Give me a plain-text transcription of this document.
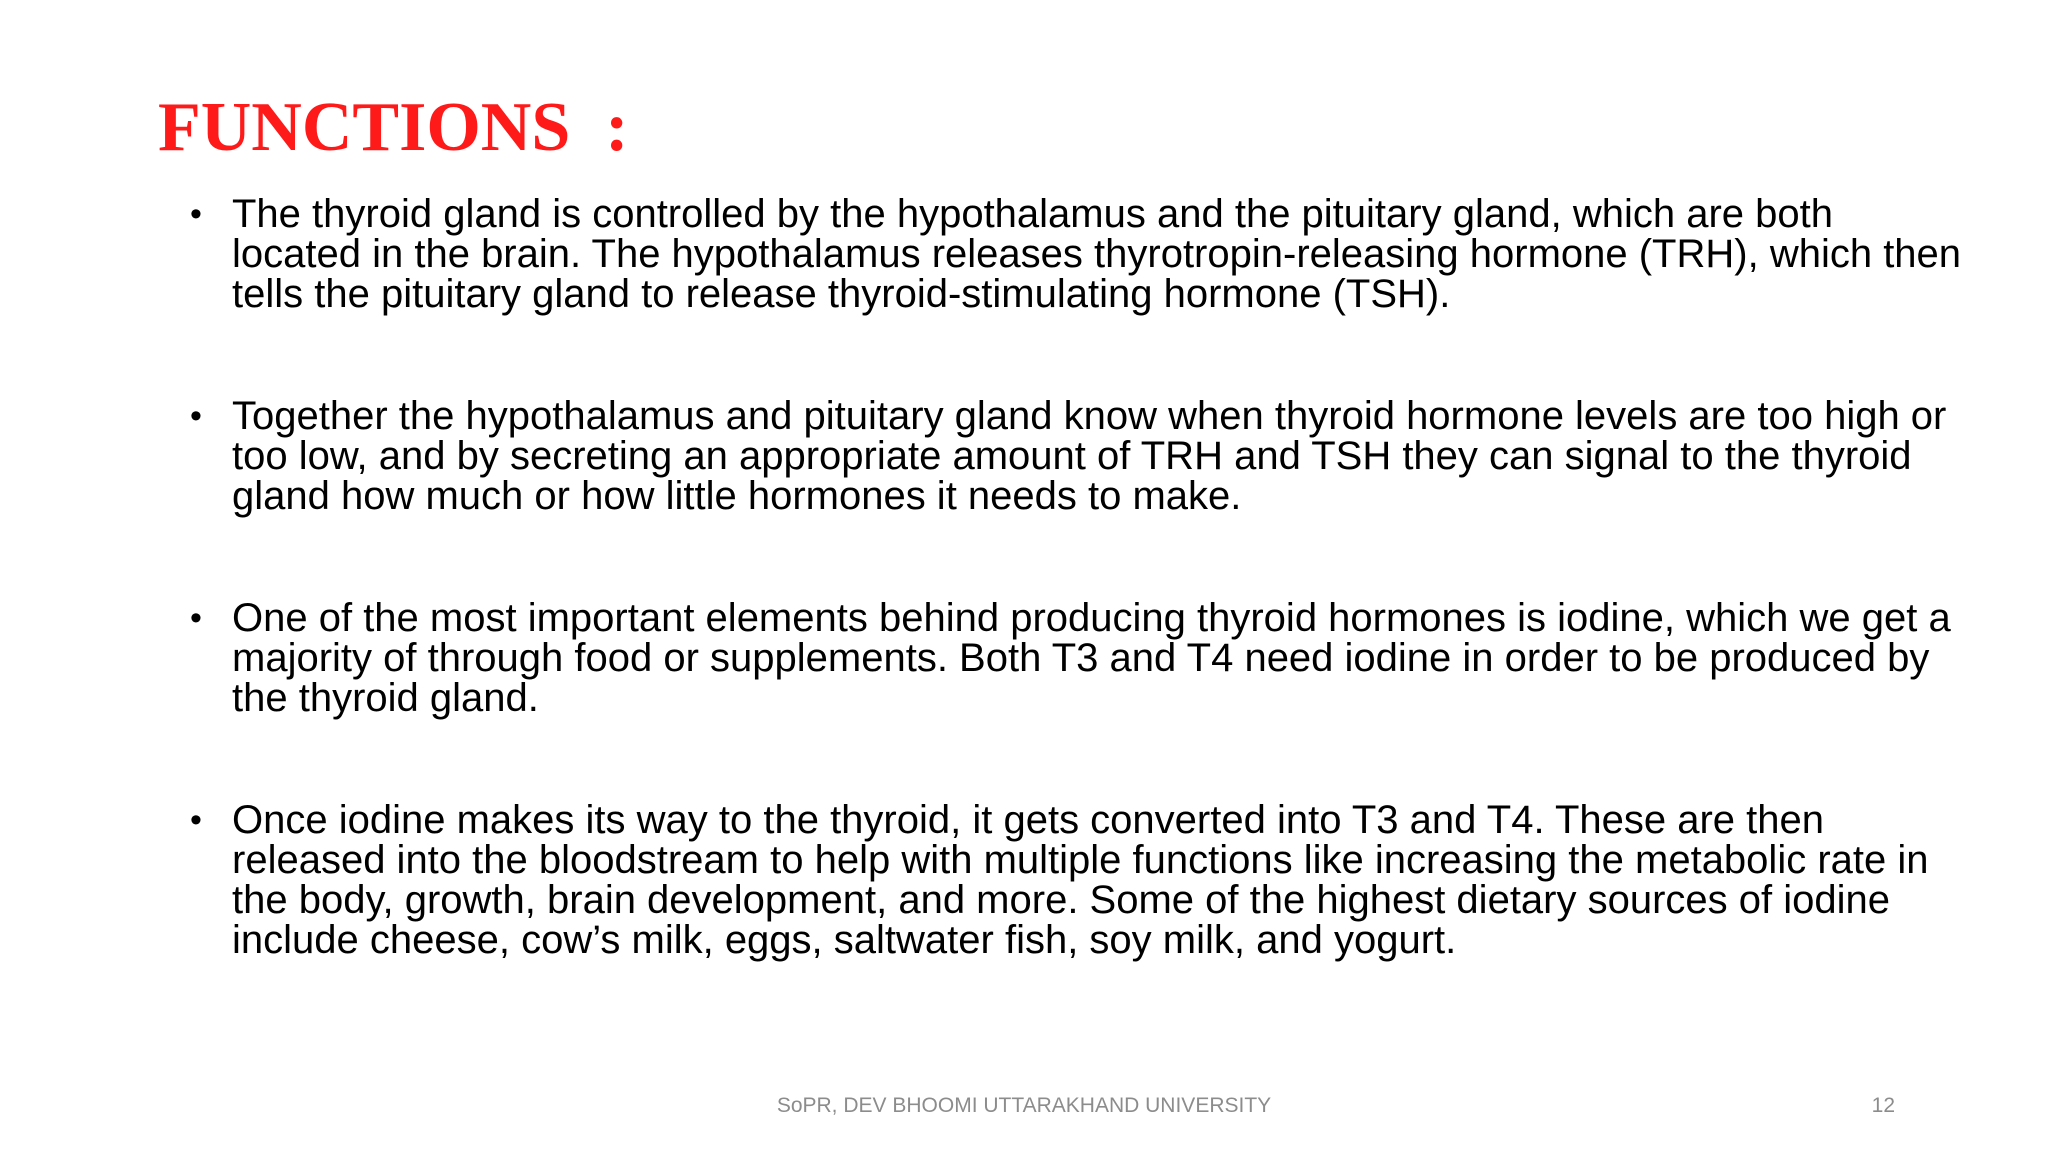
FUNCTIONS  :
• The thyroid gland is controlled by the hypothalamus and the pituitary gland, which are both located in the brain. The hypothalamus releases thyrotropin-releasing hormone (TRH), which then tells the pituitary gland to release thyroid-stimulating hormone (TSH).
• Together the hypothalamus and pituitary gland know when thyroid hormone levels are too high or too low, and by secreting an appropriate amount of TRH and TSH they can signal to the thyroid gland how much or how little hormones it needs to make.
• One of the most important elements behind producing thyroid hormones is iodine, which we get a majority of through food or supplements. Both T3 and T4 need iodine in order to be produced by the thyroid gland.
• Once iodine makes its way to the thyroid, it gets converted into T3 and T4. These are then released into the bloodstream to help with multiple functions like increasing the metabolic rate in the body, growth, brain development, and more. Some of the highest dietary sources of iodine include cheese, cow’s milk, eggs, saltwater fish, soy milk, and yogurt.
SoPR, DEV BHOOMI UTTARAKHAND UNIVERSITY	12
